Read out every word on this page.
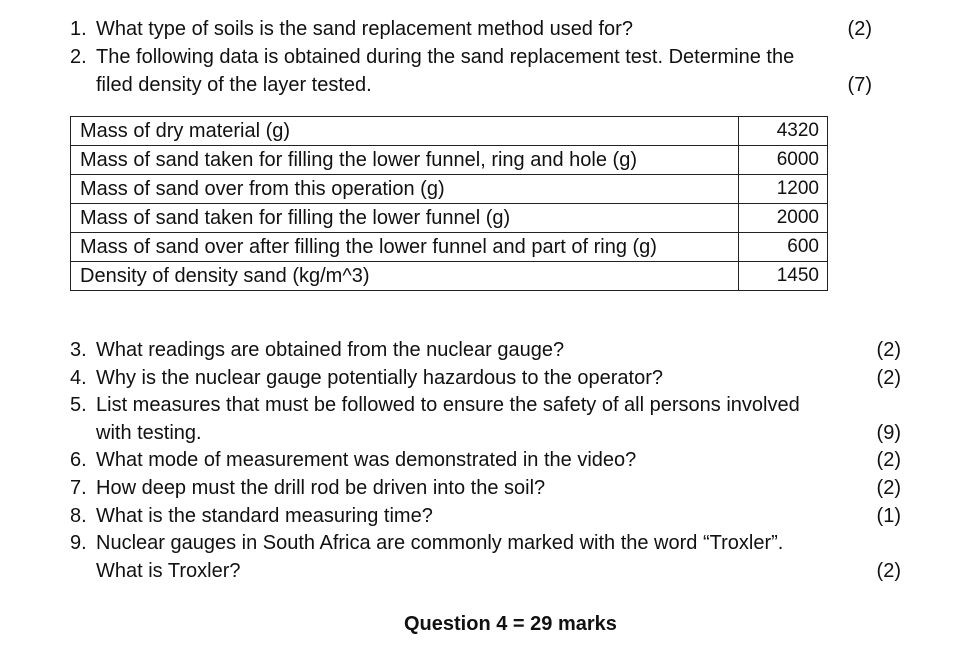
1. What type of soils is the sand replacement method used for?	(2)
2. The following data is obtained during the sand replacement test. Determine the
filed density of the layer tested.	(7)
Mass of dry material (g)	4320
Mass of sand taken for filling the lower funnel, ring and hole (g)	6000
Mass of sand over from this operation (g)	1200
Mass of sand taken for filling the lower funnel (g)	2000
Mass of sand over after filling the lower funnel and part of ring (g)	600
Density of density sand (kg/m^3)	1450
3. What readings are obtained from the nuclear gauge?	(2)
4. Why is the nuclear gauge potentially hazardous to the operator?	(2)
5. List measures that must be followed to ensure the safety of all persons involved
with testing.	(9)
6. What mode of measurement was demonstrated in the video?	(2)
7. How deep must the drill rod be driven into the soil?	(2)
8. What is the standard measuring time?	(1)
9. Nuclear gauges in South Africa are commonly marked with the word “Troxler”.
What is Troxler?	(2)
Question 4 = 29 marks
